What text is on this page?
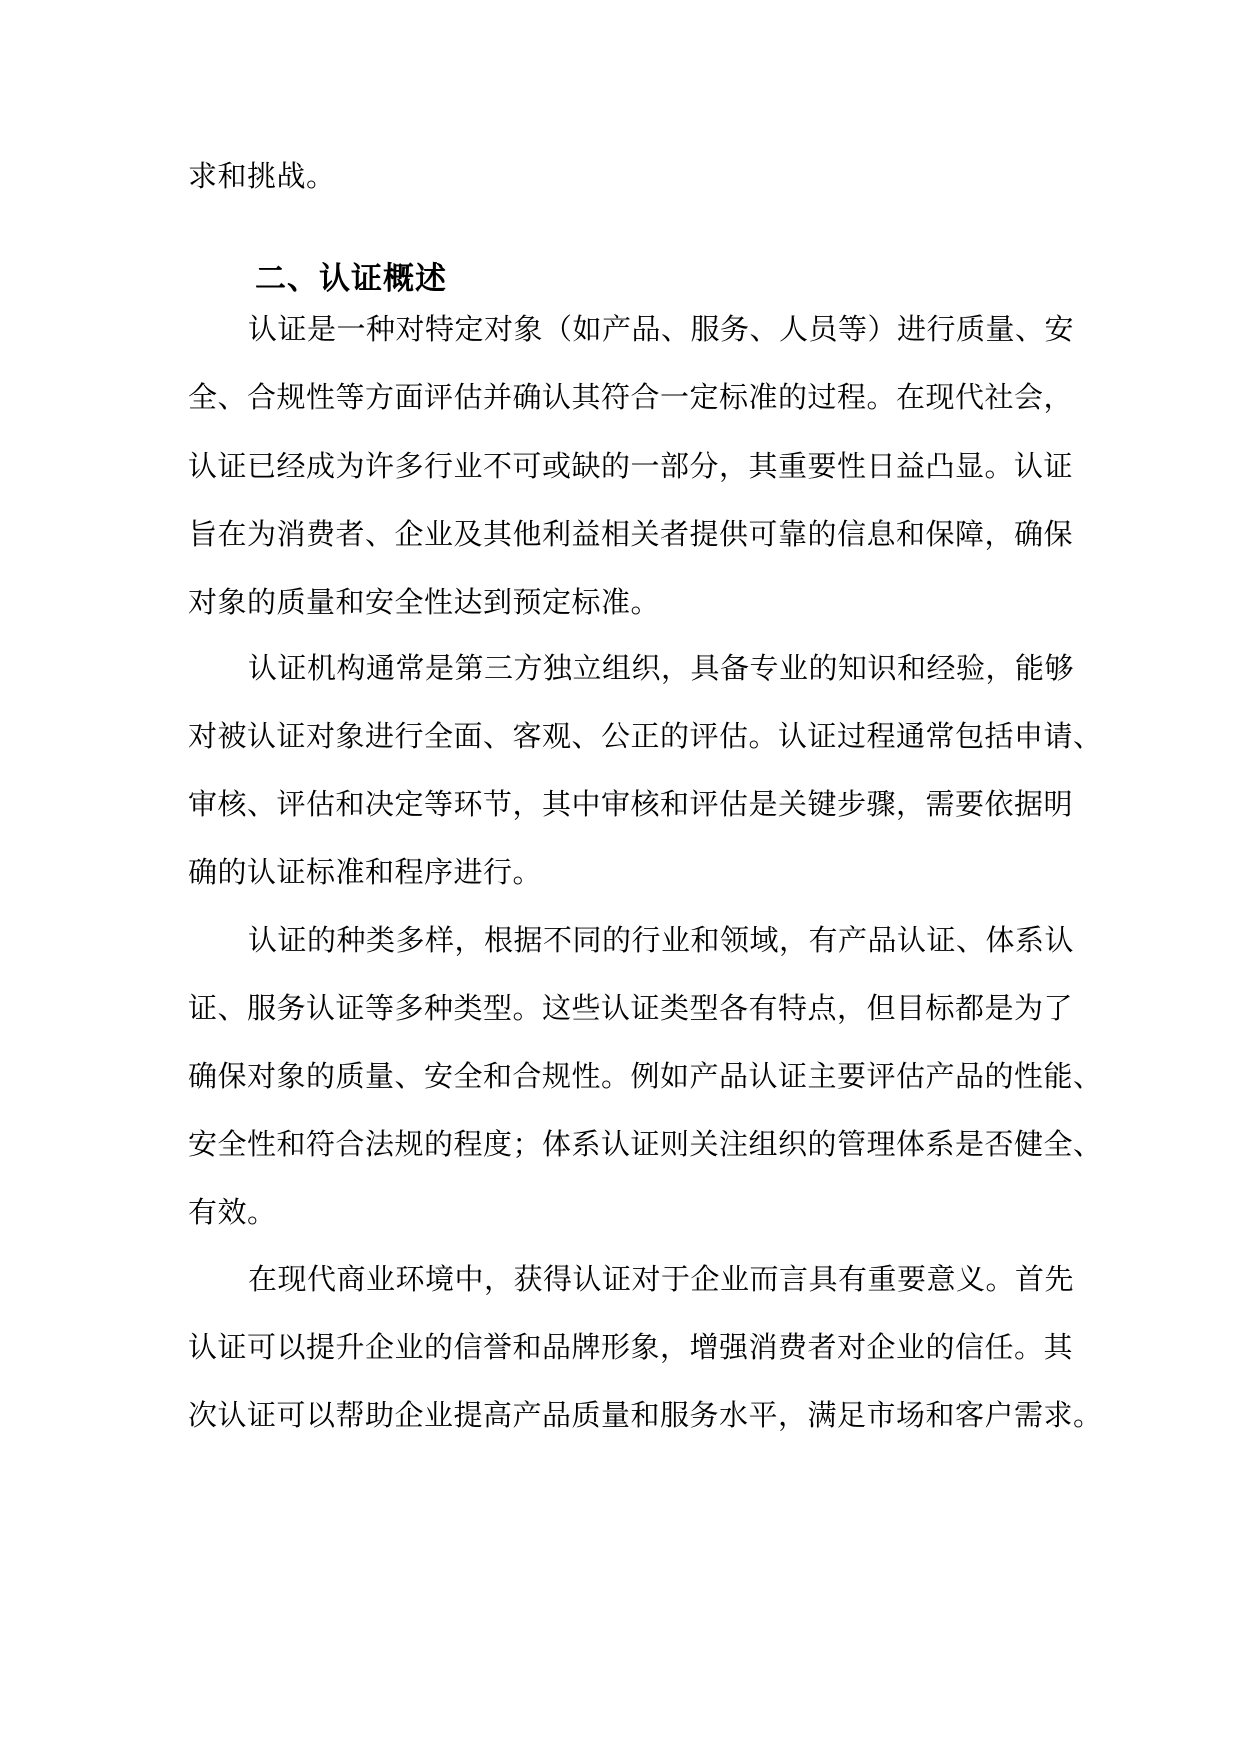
求和挑战。
二、认证概述
认证是一种对特定对象（如产品、服务、人员等）进行质量、安
全、合规性等方面评估并确认其符合一定标准的过程。在现代社会，
认证已经成为许多行业不可或缺的一部分，其重要性日益凸显。认证
旨在为消费者、企业及其他利益相关者提供可靠的信息和保障，确保
对象的质量和安全性达到预定标准。
认证机构通常是第三方独立组织，具备专业的知识和经验，能够
对被认证对象进行全面、客观、公正的评估。认证过程通常包括申请、
审核、评估和决定等环节，其中审核和评估是关键步骤，需要依据明
确的认证标准和程序进行。
认证的种类多样，根据不同的行业和领域，有产品认证、体系认
证、服务认证等多种类型。这些认证类型各有特点，但目标都是为了
确保对象的质量、安全和合规性。例如产品认证主要评估产品的性能、
安全性和符合法规的程度；体系认证则关注组织的管理体系是否健全、
有效。
在现代商业环境中，获得认证对于企业而言具有重要意义。首先
认证可以提升企业的信誉和品牌形象，增强消费者对企业的信任。其
次认证可以帮助企业提高产品质量和服务水平，满足市场和客户需求。
